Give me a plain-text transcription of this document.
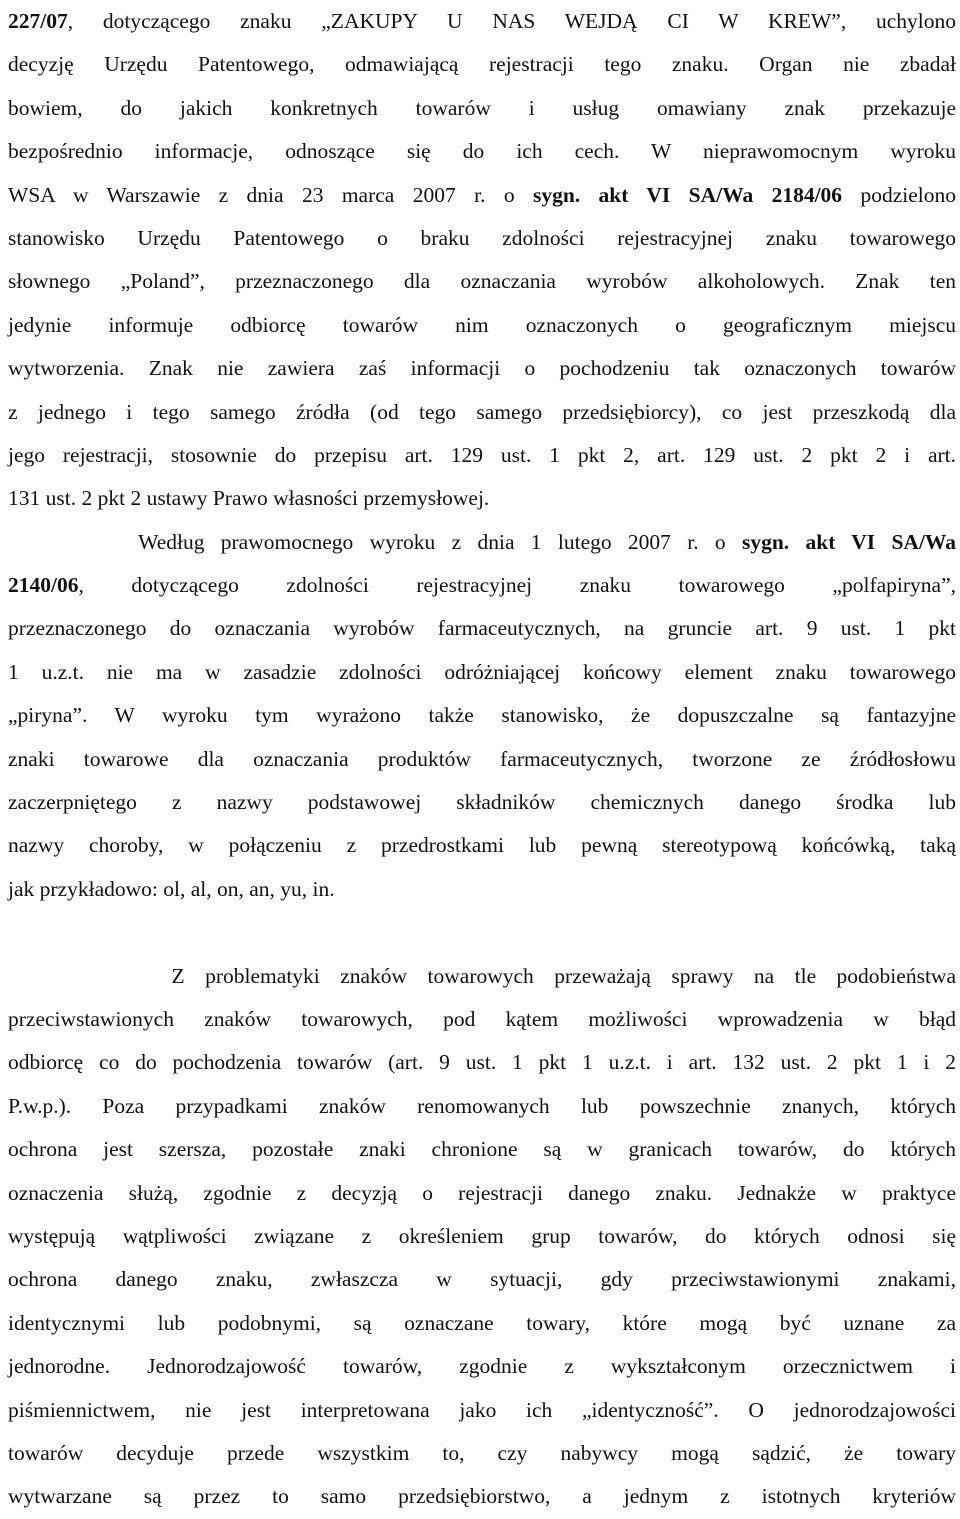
227/07, dotyczącego znaku „ZAKUPY U NAS WEJDĄ CI W KREW”, uchylono
decyzję Urzędu Patentowego, odmawiającą rejestracji tego znaku. Organ nie zbadał
bowiem, do jakich konkretnych towarów i usług omawiany znak przekazuje
bezpośrednio informacje, odnoszące się do ich cech. W nieprawomocnym wyroku
WSA w Warszawie z dnia 23 marca 2007 r. o sygn. akt VI SA/Wa 2184/06 podzielono
stanowisko Urzędu Patentowego o braku zdolności rejestracyjnej znaku towarowego
słownego „Poland”, przeznaczonego dla oznaczania wyrobów alkoholowych. Znak ten
jedynie informuje odbiorcę towarów nim oznaczonych o geograficznym miejscu
wytworzenia. Znak nie zawiera zaś informacji o pochodzeniu tak oznaczonych towarów
z jednego i tego samego źródła (od tego samego przedsiębiorcy), co jest przeszkodą dla
jego rejestracji, stosownie do przepisu art. 129 ust. 1 pkt 2, art. 129 ust. 2 pkt 2 i art.
131 ust. 2 pkt 2 ustawy Prawo własności przemysłowej.
Według prawomocnego wyroku z dnia 1 lutego 2007 r. o sygn. akt VI SA/Wa
2140/06, dotyczącego zdolności rejestracyjnej znaku towarowego „polfapiryna”,
przeznaczonego do oznaczania wyrobów farmaceutycznych, na gruncie art. 9 ust. 1 pkt
1 u.z.t. nie ma w zasadzie zdolności odróżniającej końcowy element znaku towarowego
„piryna”. W wyroku tym wyrażono także stanowisko, że dopuszczalne są fantazyjne
znaki towarowe dla oznaczania produktów farmaceutycznych, tworzone ze źródłosłowu
zaczerpniętego z nazwy podstawowej składników chemicznych danego środka lub
nazwy choroby, w połączeniu z przedrostkami lub pewną stereotypową końcówką, taką
jak przykładowo: ol, al, on, an, yu, in.
Z problematyki znaków towarowych przeważają sprawy na tle podobieństwa
przeciwstawionych znaków towarowych, pod kątem możliwości wprowadzenia w błąd
odbiorcę co do pochodzenia towarów (art. 9 ust. 1 pkt 1 u.z.t. i art. 132 ust. 2 pkt 1 i 2
P.w.p.). Poza przypadkami znaków renomowanych lub powszechnie znanych, których
ochrona jest szersza, pozostałe znaki chronione są w granicach towarów, do których
oznaczenia służą, zgodnie z decyzją o rejestracji danego znaku. Jednakże w praktyce
występują wątpliwości związane z określeniem grup towarów, do których odnosi się
ochrona danego znaku, zwłaszcza w sytuacji, gdy przeciwstawionymi znakami,
identycznymi lub podobnymi, są oznaczane towary, które mogą być uznane za
jednorodne. Jednorodzajowość towarów, zgodnie z wykształconym orzecznictwem i
piśmiennictwem, nie jest interpretowana jako ich „identyczność”. O jednorodzajowości
towarów decyduje przede wszystkim to, czy nabywcy mogą sądzić, że towary
wytwarzane są przez to samo przedsiębiorstwo, a jednym z istotnych kryteriów
